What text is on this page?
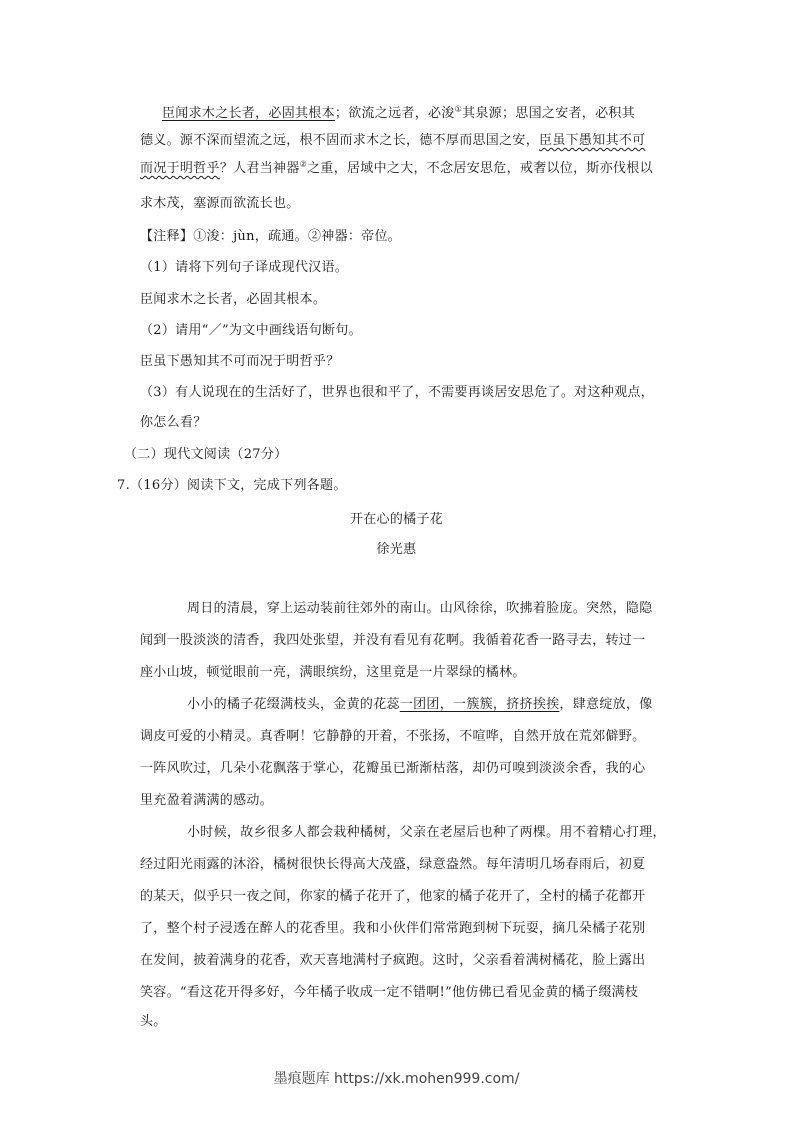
臣闻求木之长者，必固其根本；欲流之远者，必浚①其泉源；思国之安者，必积其
德义。源不深而望流之远，根不固而求木之长，德不厚而思国之安，臣虽下愚知其不可
而况于明哲乎？人君当神器②之重，居域中之大，不念居安思危，戒奢以位，斯亦伐根以
求木茂，塞源而欲流长也。
【注释】①浚：jùn，疏通。②神器：帝位。
（1）请将下列句子译成现代汉语。
臣闻求木之长者，必固其根本。
（2）请用“／”为文中画线语句断句。
臣虽下愚知其不可而况于明哲乎？
（3）有人说现在的生活好了，世界也很和平了，不需要再谈居安思危了。对这种观点，
你怎么看？
（二）现代文阅读（27分）
7.（16分）阅读下文，完成下列各题。
开在心的橘子花
徐光惠
周日的清晨，穿上运动装前往郊外的南山。山风徐徐，吹拂着脸庞。突然，隐隐
闻到一股淡淡的清香，我四处张望，并没有看见有花啊。我循着花香一路寻去，转过一
座小山坡，顿觉眼前一亮，满眼缤纷，这里竟是一片翠绿的橘林。
小小的橘子花缀满枝头，金黄的花蕊一团团，一簇簇，挤挤挨挨，肆意绽放，像
调皮可爱的小精灵。真香啊！它静静的开着，不张扬，不喧哗，自然开放在荒郊僻野。
一阵风吹过，几朵小花飘落于掌心，花瓣虽已渐渐枯落，却仍可嗅到淡淡余香，我的心
里充盈着满满的感动。
小时候，故乡很多人都会栽种橘树，父亲在老屋后也种了两棵。用不着精心打理，
经过阳光雨露的沐浴，橘树很快长得高大茂盛，绿意盎然。每年清明几场春雨后，初夏
的某天，似乎只一夜之间，你家的橘子花开了，他家的橘子花开了，全村的橘子花都开
了，整个村子浸透在醉人的花香里。我和小伙伴们常常跑到树下玩耍，摘几朵橘子花别
在发间，披着满身的花香，欢天喜地满村子疯跑。这时，父亲看着满树橘花，脸上露出
笑容。“看这花开得多好，今年橘子收成一定不错啊!”他仿佛已看见金黄的橘子缀满枝
头。
墨痕题库 https://xk.mohen999.com/
